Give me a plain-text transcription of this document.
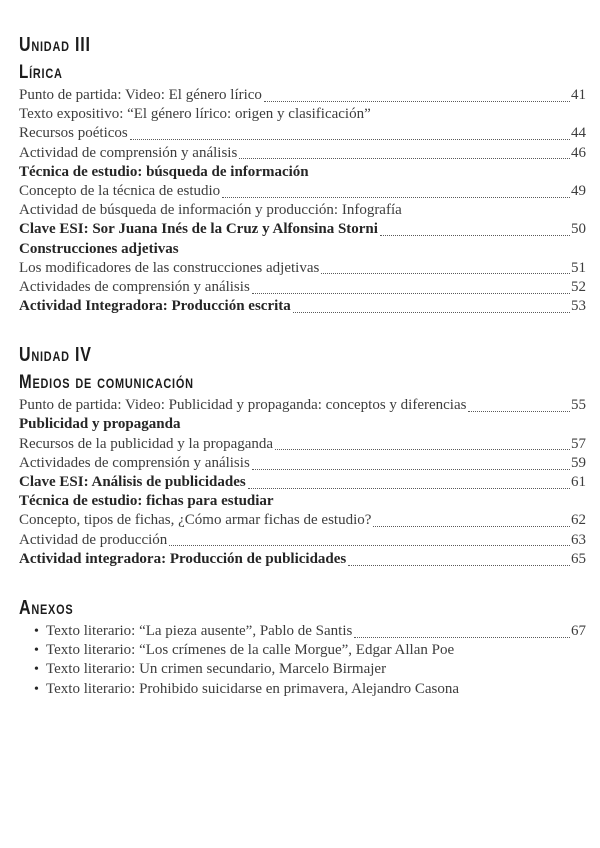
Unidad III
Lírica
Punto de partida: Video: El género lírico	41
Texto expositivo: “El género lírico: origen y clasificación”
Recursos poéticos	44
Actividad de comprensión y análisis	46
Técnica de estudio: búsqueda de información
Concepto de la técnica de estudio	49
Actividad de búsqueda de información y producción: Infografía
Clave ESI: Sor Juana Inés de la Cruz y Alfonsina Storni	50
Construcciones adjetivas
Los modificadores de las construcciones adjetivas	51
Actividades de comprensión y análisis	52
Actividad Integradora: Producción escrita	53
Unidad IV
Medios de comunicación
Punto de partida: Video: Publicidad y propaganda: conceptos y diferencias	55
Publicidad y propaganda
Recursos de la publicidad y la propaganda	57
Actividades de comprensión y análisis	59
Clave ESI: Análisis de publicidades	61
Técnica de estudio: fichas para estudiar
Concepto, tipos de fichas, ¿Cómo armar fichas de estudio?	62
Actividad de producción	63
Actividad integradora: Producción de publicidades	65
Anexos
• Texto literario: “La pieza ausente”, Pablo de Santis	67
• Texto literario: “Los crímenes de la calle Morgue”, Edgar Allan Poe
• Texto literario: Un crimen secundario, Marcelo Birmajer
• Texto literario: Prohibido suicidarse en primavera, Alejandro Casona
